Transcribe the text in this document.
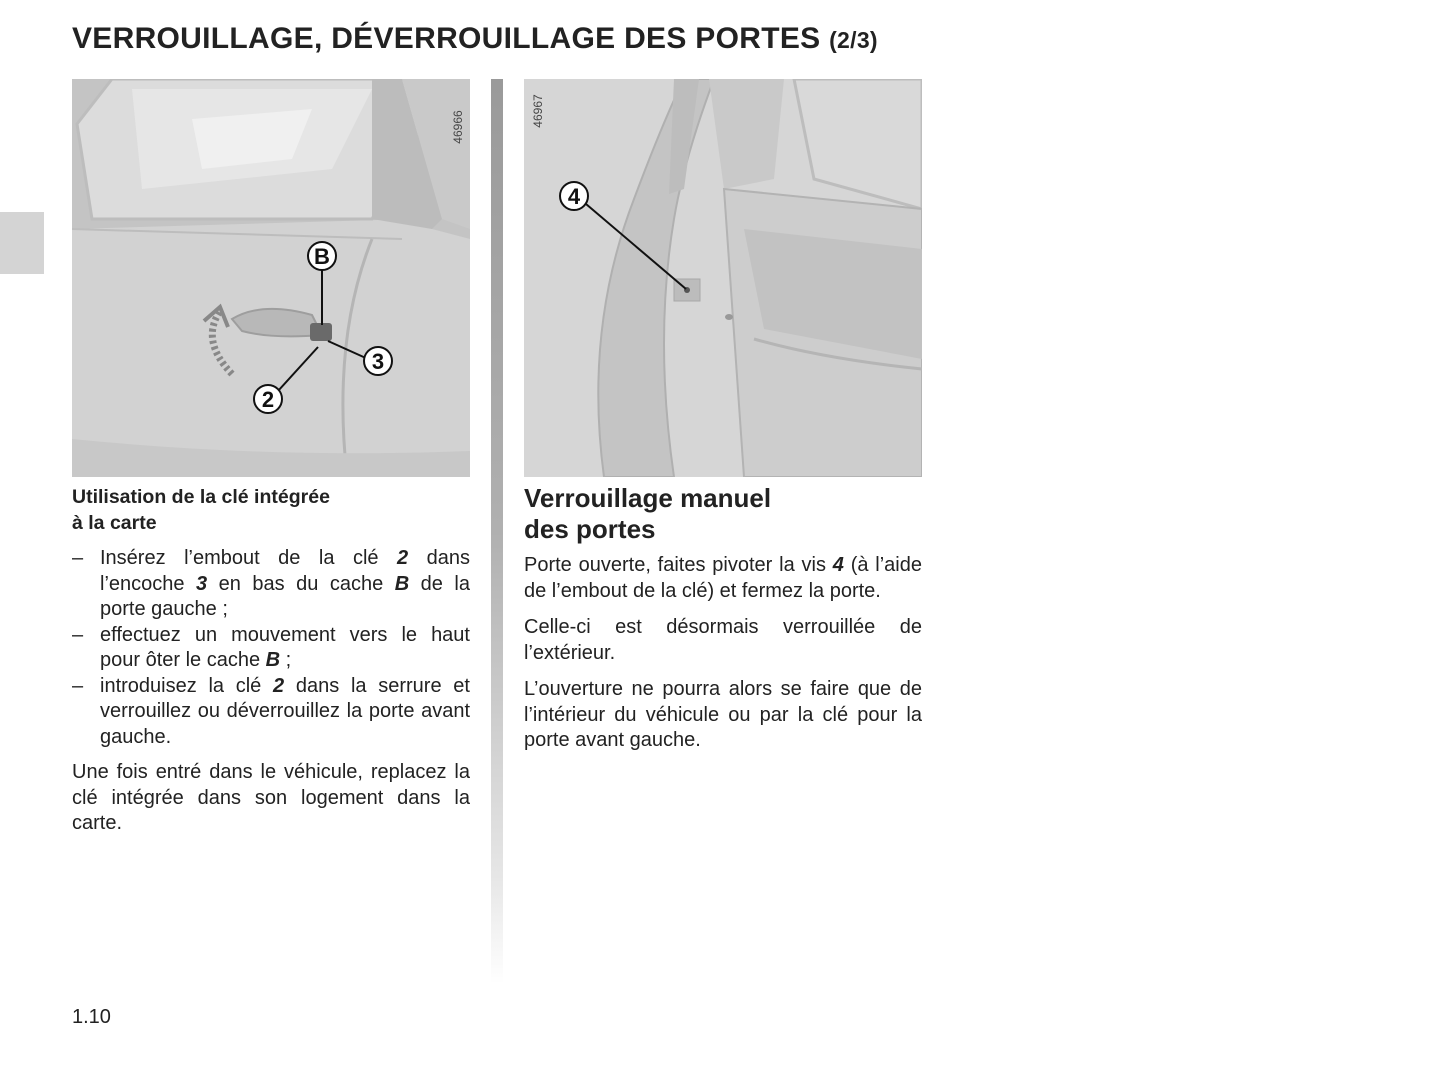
VERROUILLAGE, DÉVERROUILLAGE DES PORTES (2/3)
B
3
2
46966
4
46967

Utilisation de la clé intégrée
à la carte

– Insérez l’embout de la clé 2 dans l’encoche 3 en bas du cache B de la porte gauche ;
– effectuez un mouvement vers le haut pour ôter le cache B ;
– introduisez la clé 2 dans la serrure et verrouillez ou déverrouillez la porte avant gauche.

Une fois entré dans le véhicule, replacez la clé intégrée dans son logement dans la carte.

Verrouillage manuel
des portes

Porte ouverte, faites pivoter la vis 4 (à l’aide de l’embout de la clé) et fermez la porte.

Celle-ci est désormais verrouillée de l’extérieur.

L’ouverture ne pourra alors se faire que de l’intérieur du véhicule ou par la clé pour la porte avant gauche.

1.10
